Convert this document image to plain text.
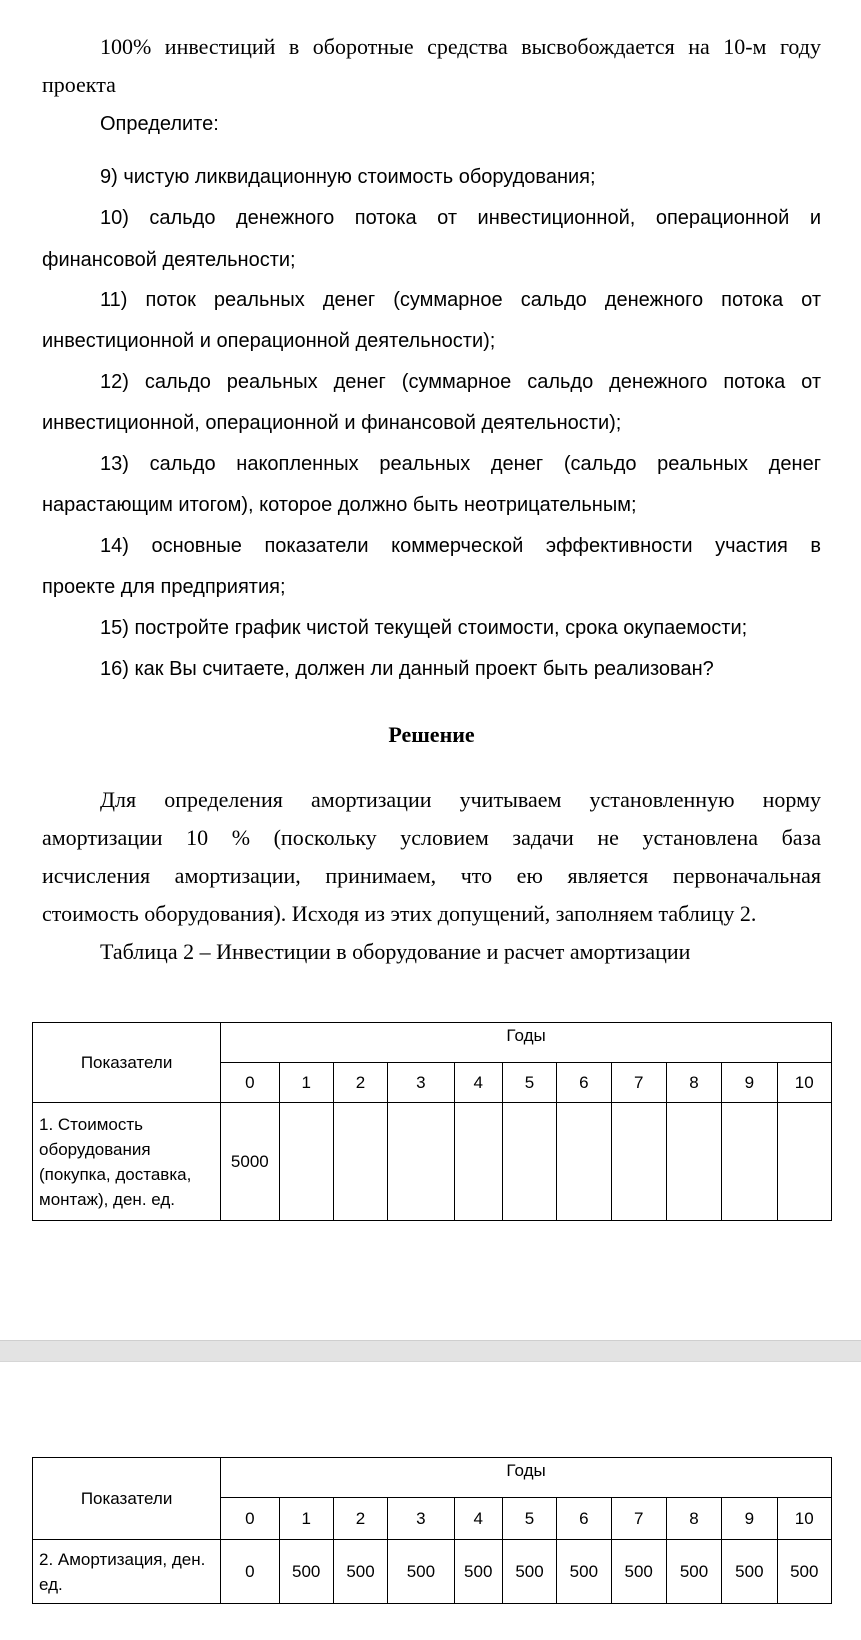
100% инвестиций в оборотные средства высвобождается на 10-м году
проекта
Определите:
9) чистую ликвидационную стоимость оборудования;
10) сальдо денежного потока от инвестиционной, операционной и
финансовой деятельности;
11) поток реальных денег (суммарное сальдо денежного потока от
инвестиционной и операционной деятельности);
12) сальдо реальных денег (суммарное сальдо денежного потока от
инвестиционной, операционной и финансовой деятельности);
13) сальдо накопленных реальных денег (сальдо реальных денег
нарастающим итогом), которое должно быть неотрицательным;
14) основные показатели коммерческой эффективности участия в
проекте для предприятия;
15) постройте график чистой текущей стоимости, срока окупаемости;
16) как Вы считаете, должен ли данный проект быть реализован?
Решение
Для определения амортизации учитываем установленную норму
амортизации 10 % (поскольку условием задачи не установлена база
исчисления амортизации, принимаем, что ею является первоначальная
стоимость оборудования). Исходя из этих допущений, заполняем таблицу 2.
Таблица 2 – Инвестиции в оборудование и расчет амортизации
Показатели	Годы										
	0	1	2	3	4	5	6	7	8	9	10
1. Стоимость оборудования (покупка, доставка, монтаж), ден. ед.	5000										
Показатели	Годы										
	0	1	2	3	4	5	6	7	8	9	10
2. Амортизация, ден. ед.	0	500	500	500	500	500	500	500	500	500	500
